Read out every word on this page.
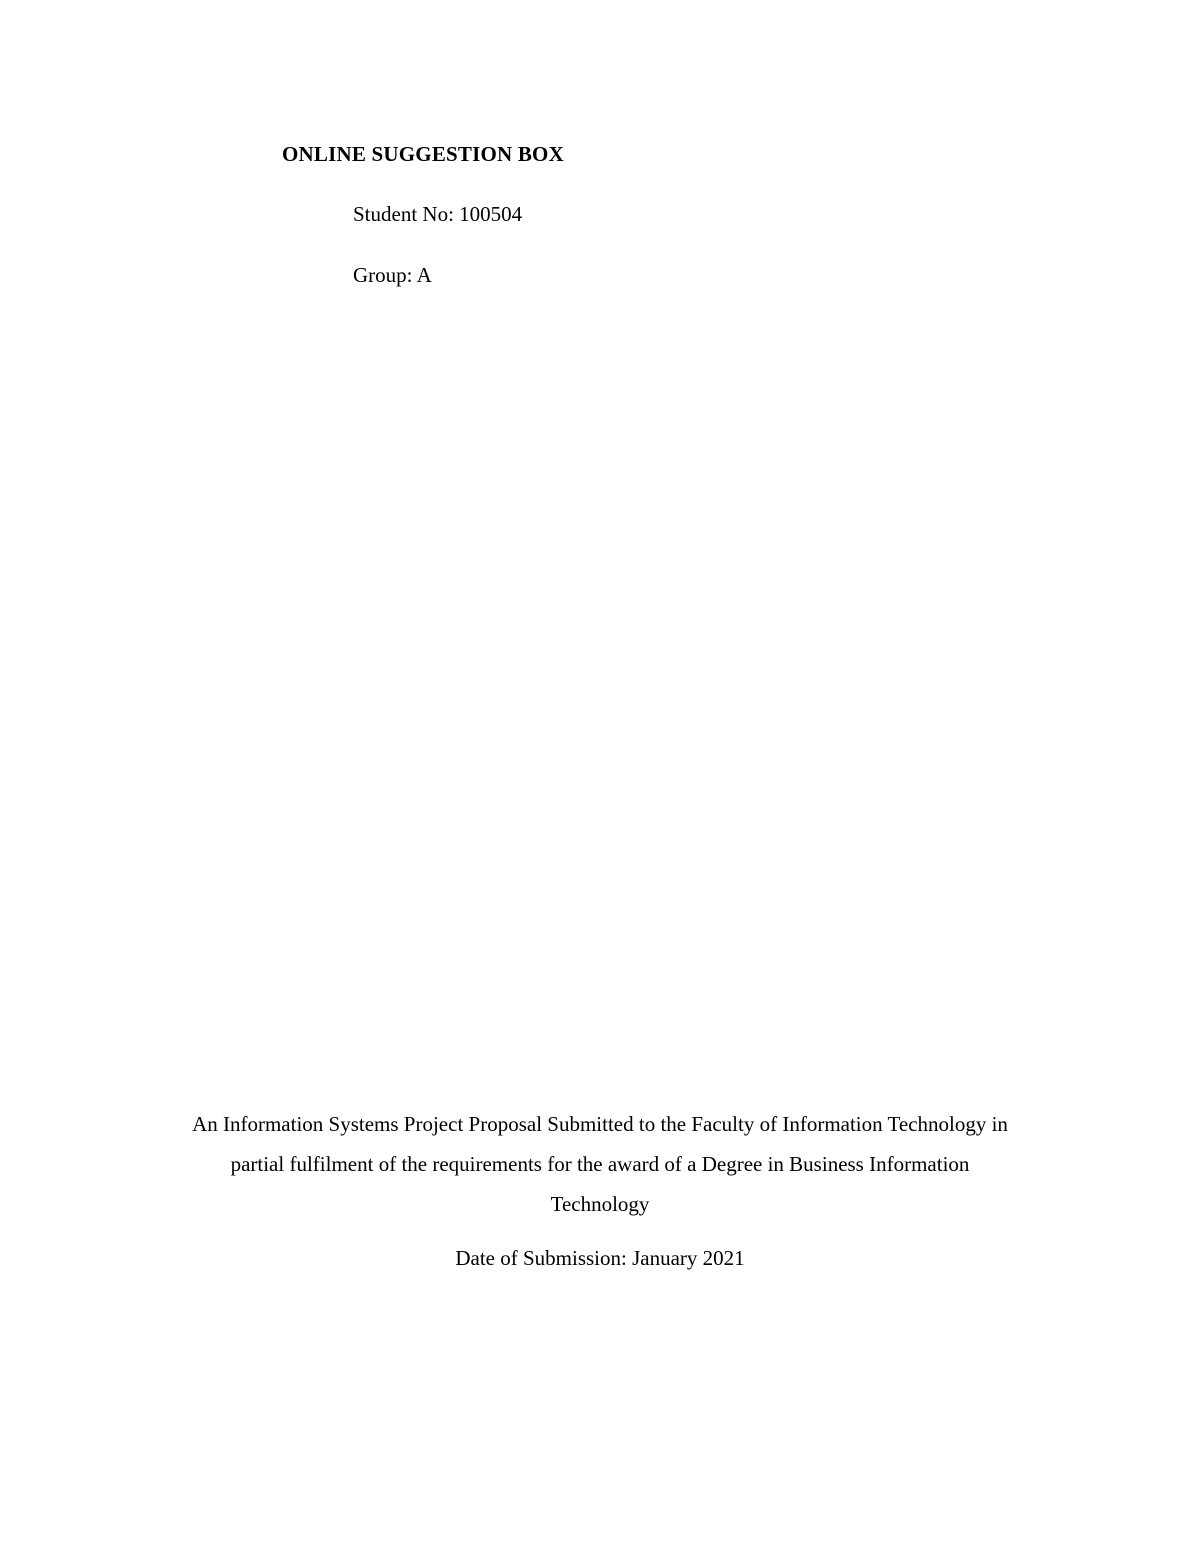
ONLINE SUGGESTION BOX
Student No: 100504
Group: A
An Information Systems Project Proposal Submitted to the Faculty of Information Technology in
partial fulfilment of the requirements for the award of a Degree in Business Information
Technology
Date of Submission: January 2021
